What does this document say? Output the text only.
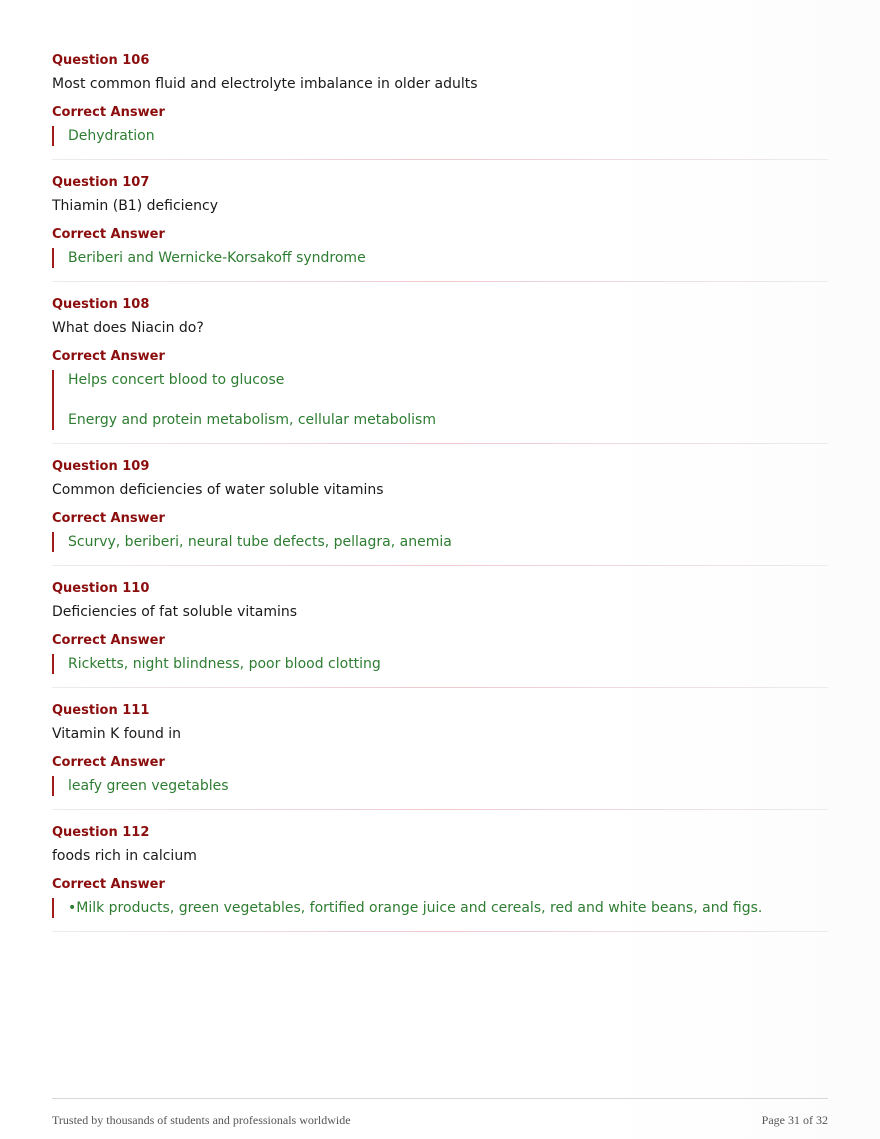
Question 106
Most common fluid and electrolyte imbalance in older adults
Correct Answer
Dehydration
Question 107
Thiamin (B1) deficiency
Correct Answer
Beriberi and Wernicke-Korsakoff syndrome
Question 108
What does Niacin do?
Correct Answer
Helps concert blood to glucose
Energy and protein metabolism, cellular metabolism
Question 109
Common deficiencies of water soluble vitamins
Correct Answer
Scurvy, beriberi, neural tube defects, pellagra, anemia
Question 110
Deficiencies of fat soluble vitamins
Correct Answer
Ricketts, night blindness, poor blood clotting
Question 111
Vitamin K found in
Correct Answer
leafy green vegetables
Question 112
foods rich in calcium
Correct Answer
•Milk products, green vegetables, fortified orange juice and cereals, red and white beans, and figs.
Trusted by thousands of students and professionals worldwide	Page 31 of 32
